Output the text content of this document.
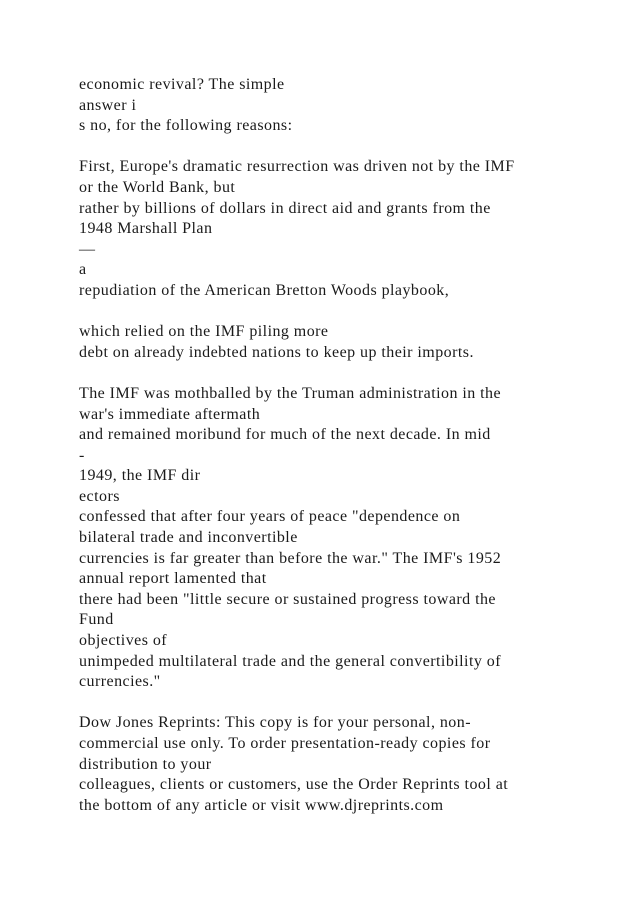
economic revival? The simple
answer i
s no, for the following reasons:
First, Europe's dramatic resurrection was driven not by the IMF
or the World Bank, but
rather by billions of dollars in direct aid and grants from the
1948 Marshall Plan
—
a
repudiation of the American Bretton Woods playbook,
which relied on the IMF piling more
debt on already indebted nations to keep up their imports.
The IMF was mothballed by the Truman administration in the
war's immediate aftermath
and remained moribund for much of the next decade. In mid
-
1949, the IMF dir
ectors
confessed that after four years of peace "dependence on
bilateral trade and inconvertible
currencies is far greater than before the war." The IMF's 1952
annual report lamented that
there had been "little secure or sustained progress toward the
Fund
objectives of
unimpeded multilateral trade and the general convertibility of
currencies."
Dow Jones Reprints: This copy is for your personal, non-
commercial use only. To order presentation-ready copies for
distribution to your
colleagues, clients or customers, use the Order Reprints tool at
the bottom of any article or visit www.djreprints.com
